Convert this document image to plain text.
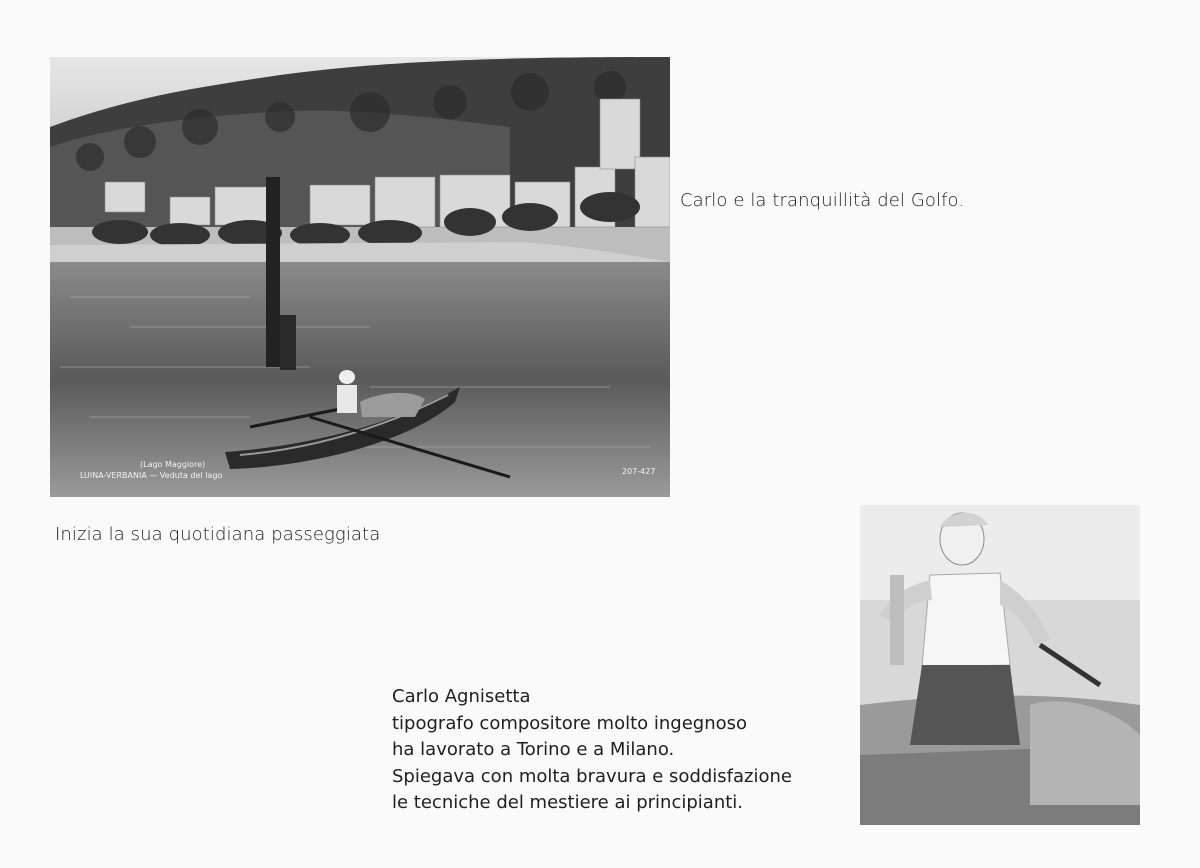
(Lago Maggiore)
LUINA-VERBANIA — Veduta del lago	207-427

Carlo e la tranquillità del Golfo.

Inizia la sua quotidiana passeggiata

Carlo Agnisetta
tipografo compositore molto ingegnoso
ha lavorato a Torino e a Milano.
Spiegava con molta bravura e soddisfazione
le tecniche del mestiere ai principianti.
